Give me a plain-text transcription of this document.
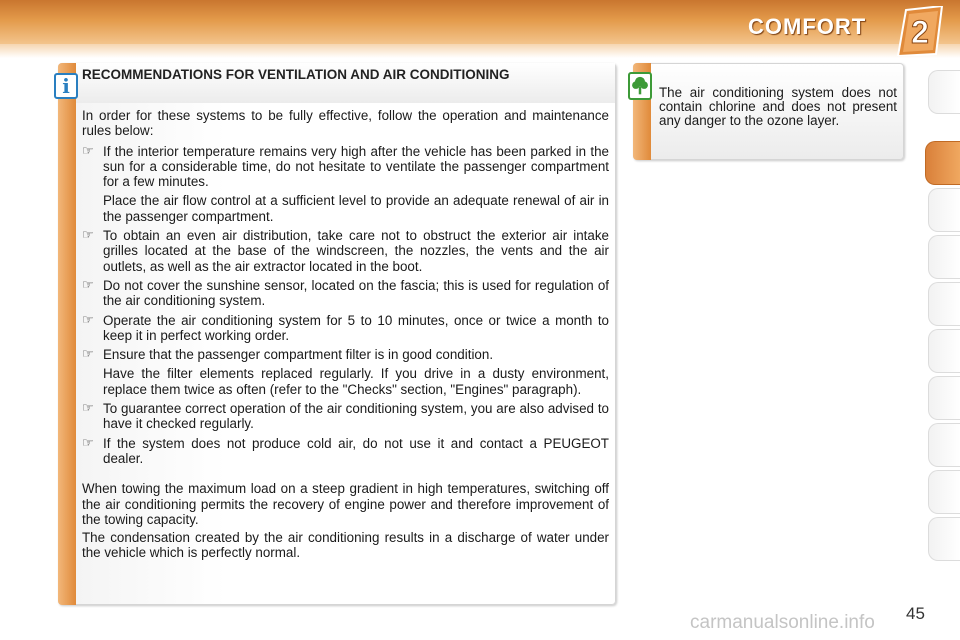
COMFORT 2
i RECOMMENDATIONS FOR VENTILATION AND AIR CONDITIONING

In order for these systems to be fully effective, follow the operation and maintenance rules below:

☞ If the interior temperature remains very high after the vehicle has been parked in the sun for a considerable time, do not hesitate to ventilate the passenger compartment for a few minutes.

Place the air flow control at a sufficient level to provide an adequate renewal of air in the passenger compartment.

☞ To obtain an even air distribution, take care not to obstruct the exterior air intake grilles located at the base of the windscreen, the nozzles, the vents and the air outlets, as well as the air extractor located in the boot.
☞ Do not cover the sunshine sensor, located on the fascia; this is used for regulation of the air conditioning system.
☞ Operate the air conditioning system for 5 to 10 minutes, once or twice a month to keep it in perfect working order.
☞ Ensure that the passenger compartment filter is in good condition.

Have the filter elements replaced regularly. If you drive in a dusty environment, replace them twice as often (refer to the "Checks" section, "Engines" paragraph).

☞ To guarantee correct operation of the air conditioning system, you are also advised to have it checked regularly.
☞ If the system does not produce cold air, do not use it and contact a PEUGEOT dealer.

When towing the maximum load on a steep gradient in high temperatures, switching off the air conditioning permits the recovery of engine power and therefore improvement of the towing capacity.

The condensation created by the air conditioning results in a discharge of water under the vehicle which is perfectly normal.

The air conditioning system does not contain chlorine and does not present any danger to the ozone layer.
45
carmanualsonline.info
